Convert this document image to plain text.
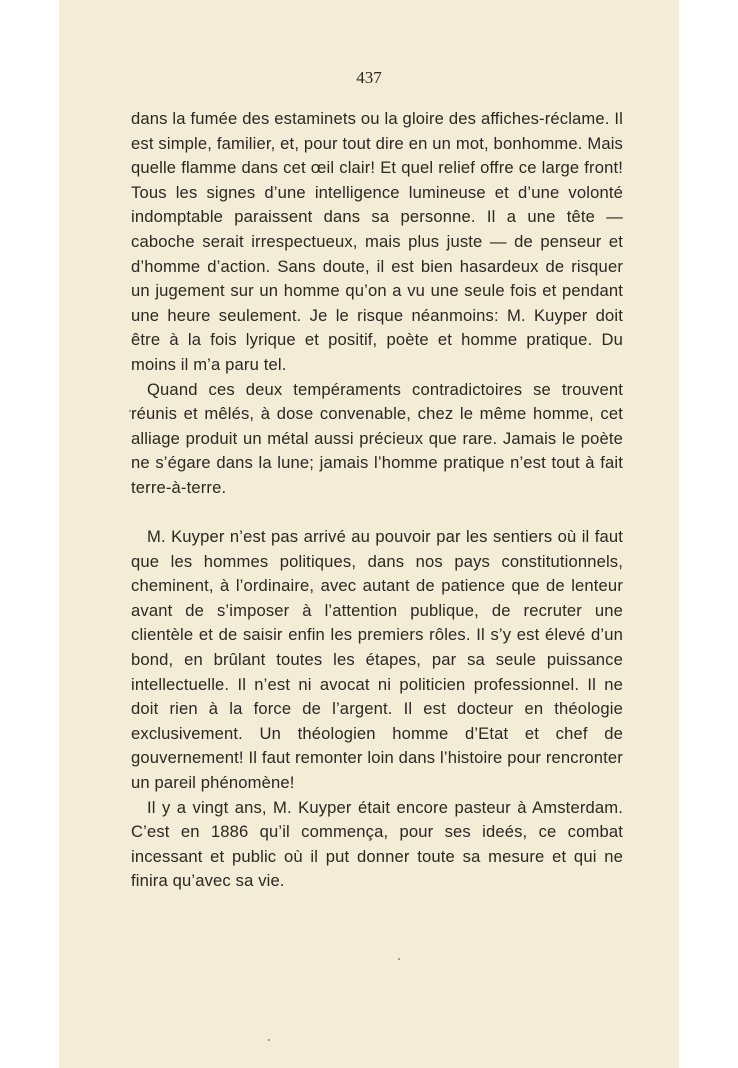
437

dans la fumée des estaminets ou la gloire des affiches-réclame. Il est simple, familier, et, pour tout dire en un mot, bonhomme. Mais quelle flamme dans cet œil clair! Et quel relief offre ce large front! Tous les signes d’une intelligence lumineuse et d’une volonté indomptable paraissent dans sa personne. Il a une tête — caboche serait irrespectueux, mais plus juste — de penseur et d’homme d’action. Sans doute, il est bien hasardeux de risquer un jugement sur un homme qu’on a vu une seule fois et pendant une heure seulement. Je le risque néanmoins: M. Kuyper doit être à la fois lyrique et positif, poète et homme pratique. Du moins il m’a paru tel.

Quand ces deux tempéraments contradictoires se trouvent réunis et mêlés, à dose convenable, chez le même homme, cet alliage produit un métal aussi précieux que rare. Jamais le poète ne s’égare dans la lune; jamais l’homme pratique n’est tout à fait terre-à-terre.

M. Kuyper n’est pas arrivé au pouvoir par les sentiers où il faut que les hommes politiques, dans nos pays constitutionnels, cheminent, à l’ordinaire, avec autant de patience que de lenteur avant de s’imposer à l’attention publique, de recruter une clientèle et de saisir enfin les premiers rôles. Il s’y est élevé d’un bond, en brûlant toutes les étapes, par sa seule puissance intellectuelle. Il n’est ni avocat ni politicien professionnel. Il ne doit rien à la force de l’argent. Il est docteur en théologie exclusivement. Un théologien homme d’Etat et chef de gouvernement! Il faut remonter loin dans l’histoire pour rencronter un pareil phénomène!

Il y a vingt ans, M. Kuyper était encore pasteur à Amsterdam. C’est en 1886 qu’il commença, pour ses ideés, ce combat incessant et public où il put donner toute sa mesure et qui ne finira qu’avec sa vie.
